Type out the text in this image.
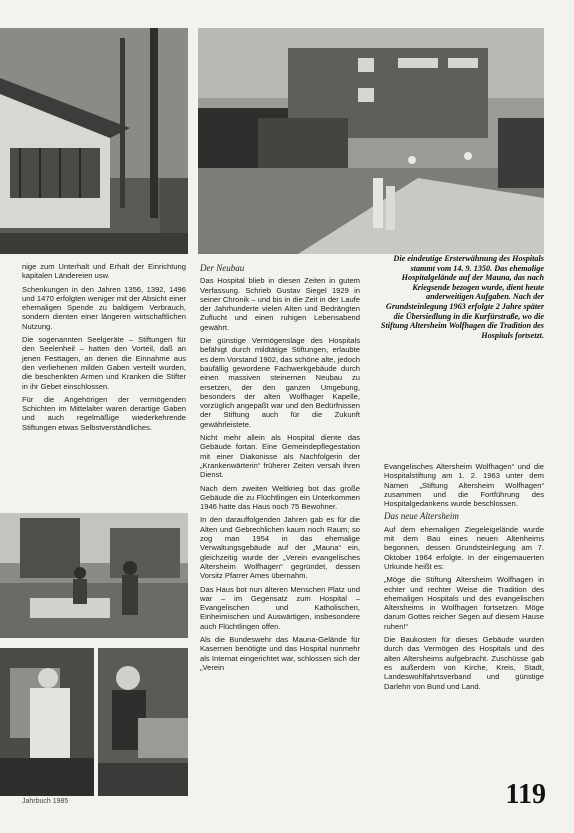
Die eindeutige Ersterwähnung des Hospitals stammt vom 14. 9. 1350. Das ehemalige Hospitalgelände auf der Mauna, das nach Kriegsende bezogen wurde, dient heute anderweitigen Aufgaben. Nach der Grundsteinlegung 1963 erfolgte 2 Jahre später die Übersiedlung in die Kurfürstraße, wo die Stiftung Altersheim Wolfhagen die Tradition des Hospitals fortsetzt.

nige zum Unterhalt und Erhalt der Einrichtung kapitalen Ländereien usw.

Schenkungen in den Jahren 1356, 1392, 1496 und 1470 erfolgten weniger mit der Absicht einer ehemaligen Spende zu baldigem Verbrauch, sondern dienten einer längeren wirtschaftlichen Nutzung.

Die sogenannten Seelgeräte – Stiftungen für den Seelenheil – hatten den Vorteil, daß an jenen Festtagen, an denen die Einnahme aus den verliehenen milden Gaben verteilt wurden, die beschenkten Armen und Kranken die Stifter in ihr Gebet einschlossen.

Für die Angehörigen der vermögenden Schichten im Mittelalter waren derartige Gaben und auch regelmäßige wiederkehrende Stiftungen etwas Selbstverständliches.

Der Neubau

Das Hospital blieb in diesen Zeiten in gutem Verfassung. Schrieb Gustav Siegel 1929 in seiner Chronik – und bis in die Zeit in der Laufe der Jahrhunderte vielen Alten und Bedrängten Zuflucht und einen ruhigen Lebensabend gewährt.

Die günstige Vermögenslage des Hospitals befähigt durch mildtätige Stiftungen, erlaubte es dem Vorstand 1902, das schöne alte, jedoch baufällig gewordene Fachwerkgebäude durch einen massiven steinernen Neubau zu ersetzen, der den ganzen Umgebung, besonders der alten Wolfhager Kapelle, vorzüglich angepaßt war und den Bedürfnissen der Stiftung auch für die Zukunft gewährleistete.

Nicht mehr allein als Hospital diente das Gebäude fortan. Eine Gemeindepflegestation mit einer Diakonisse als Nachfolgerin der „Krankenwärterin“ früherer Zeiten versah ihren Dienst.

Nach dem zweiten Weltkrieg bot das große Gebäude die zu Flüchtlingen ein Unterkommen 1946 hatte das Haus noch 75 Bewohner.

In den darauffolgenden Jahren gab es für die Alten und Gebrechlichen kaum noch Raum; so zog man 1954 in das ehemalige Verwaltungsgebäude auf der „Mauna“ ein, gleichzeitig wurde der „Verein evangelisches Altersheim Wolfhagen“ gegründet, dessen Vorsitz Pfarrer Ames übernahm.

Das Haus bot nun älteren Menschen Platz und war – im Gegensatz zum Hospital – Evangelischen und Katholischen, Einheimischen und Auswärtigen, insbesondere auch Flüchtlingen offen.

Als die Bundeswehr das Mauna-Gelände für Kasernen benötigte und das Hospital nunmehr als Internat eingerichtet war, schlossen sich der „Verein

Evangelisches Altersheim Wolfhagen“ und die Hospitalstiftung am 1. 2. 1963 unter dem Namen „Stiftung Altersheim Wolfhagen“ zusammen und die Fortführung des Hospitalgedankens wurde beschlossen.

Das neue Altersheim

Auf dem ehemaligen Ziegeleigelände wurde mit dem Bau eines neuen Altenheims begonnen, dessen Grundsteinlegung am 7. Oktober 1964 erfolgte. In der eingemauerten Urkunde heißt es:

„Möge die Stiftung Altersheim Wolfhagen in echter und rechter Weise die Tradition des ehemaligen Hospitals und des evangelischen Altersheims in Wolfhagen fortsetzen. Möge darum Gottes reicher Segen auf diesem Hause ruhen!“

Die Baukosten für dieses Gebäude wurden durch das Vermögen des Hospitals und des alten Altersheims aufgebracht. Zuschüsse gab es außerdem von Kirche, Kreis, Stadt, Landeswohlfahrtsverband und günstige Darlehn von Bund und Land.

Jahrbuch 1985	119
